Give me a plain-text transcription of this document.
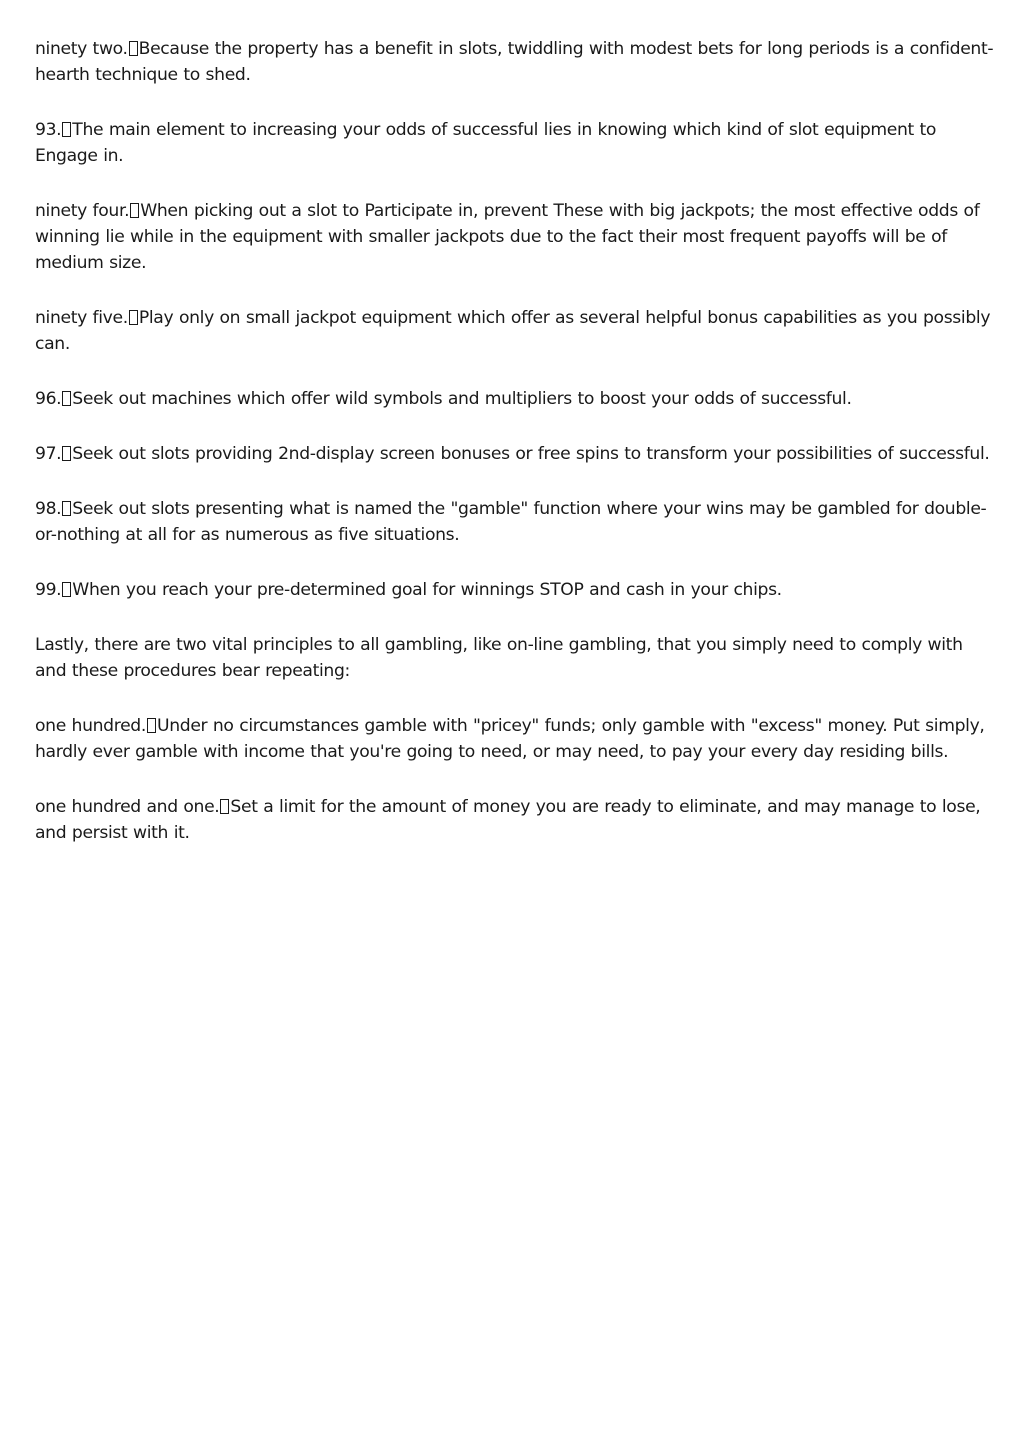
ninety two. Because the property has a benefit in slots, twiddling with modest bets for long periods is a confident-hearth technique to shed.

93. The main element to increasing your odds of successful lies in knowing which kind of slot equipment to Engage in.

ninety four. When picking out a slot to Participate in, prevent These with big jackpots; the most effective odds of winning lie while in the equipment with smaller jackpots due to the fact their most frequent payoffs will be of medium size.

ninety five. Play only on small jackpot equipment which offer as several helpful bonus capabilities as you possibly can.

96. Seek out machines which offer wild symbols and multipliers to boost your odds of successful.

97. Seek out slots providing 2nd-display screen bonuses or free spins to transform your possibilities of successful.

98. Seek out slots presenting what is named the "gamble" function where your wins may be gambled for double-or-nothing at all for as numerous as five situations.

99. When you reach your pre-determined goal for winnings STOP and cash in your chips.

Lastly, there are two vital principles to all gambling, like on-line gambling, that you simply need to comply with and these procedures bear repeating:

one hundred. Under no circumstances gamble with "pricey" funds; only gamble with "excess" money. Put simply, hardly ever gamble with income that you're going to need, or may need, to pay your every day residing bills.

one hundred and one. Set a limit for the amount of money you are ready to eliminate, and may manage to lose, and persist with it.
